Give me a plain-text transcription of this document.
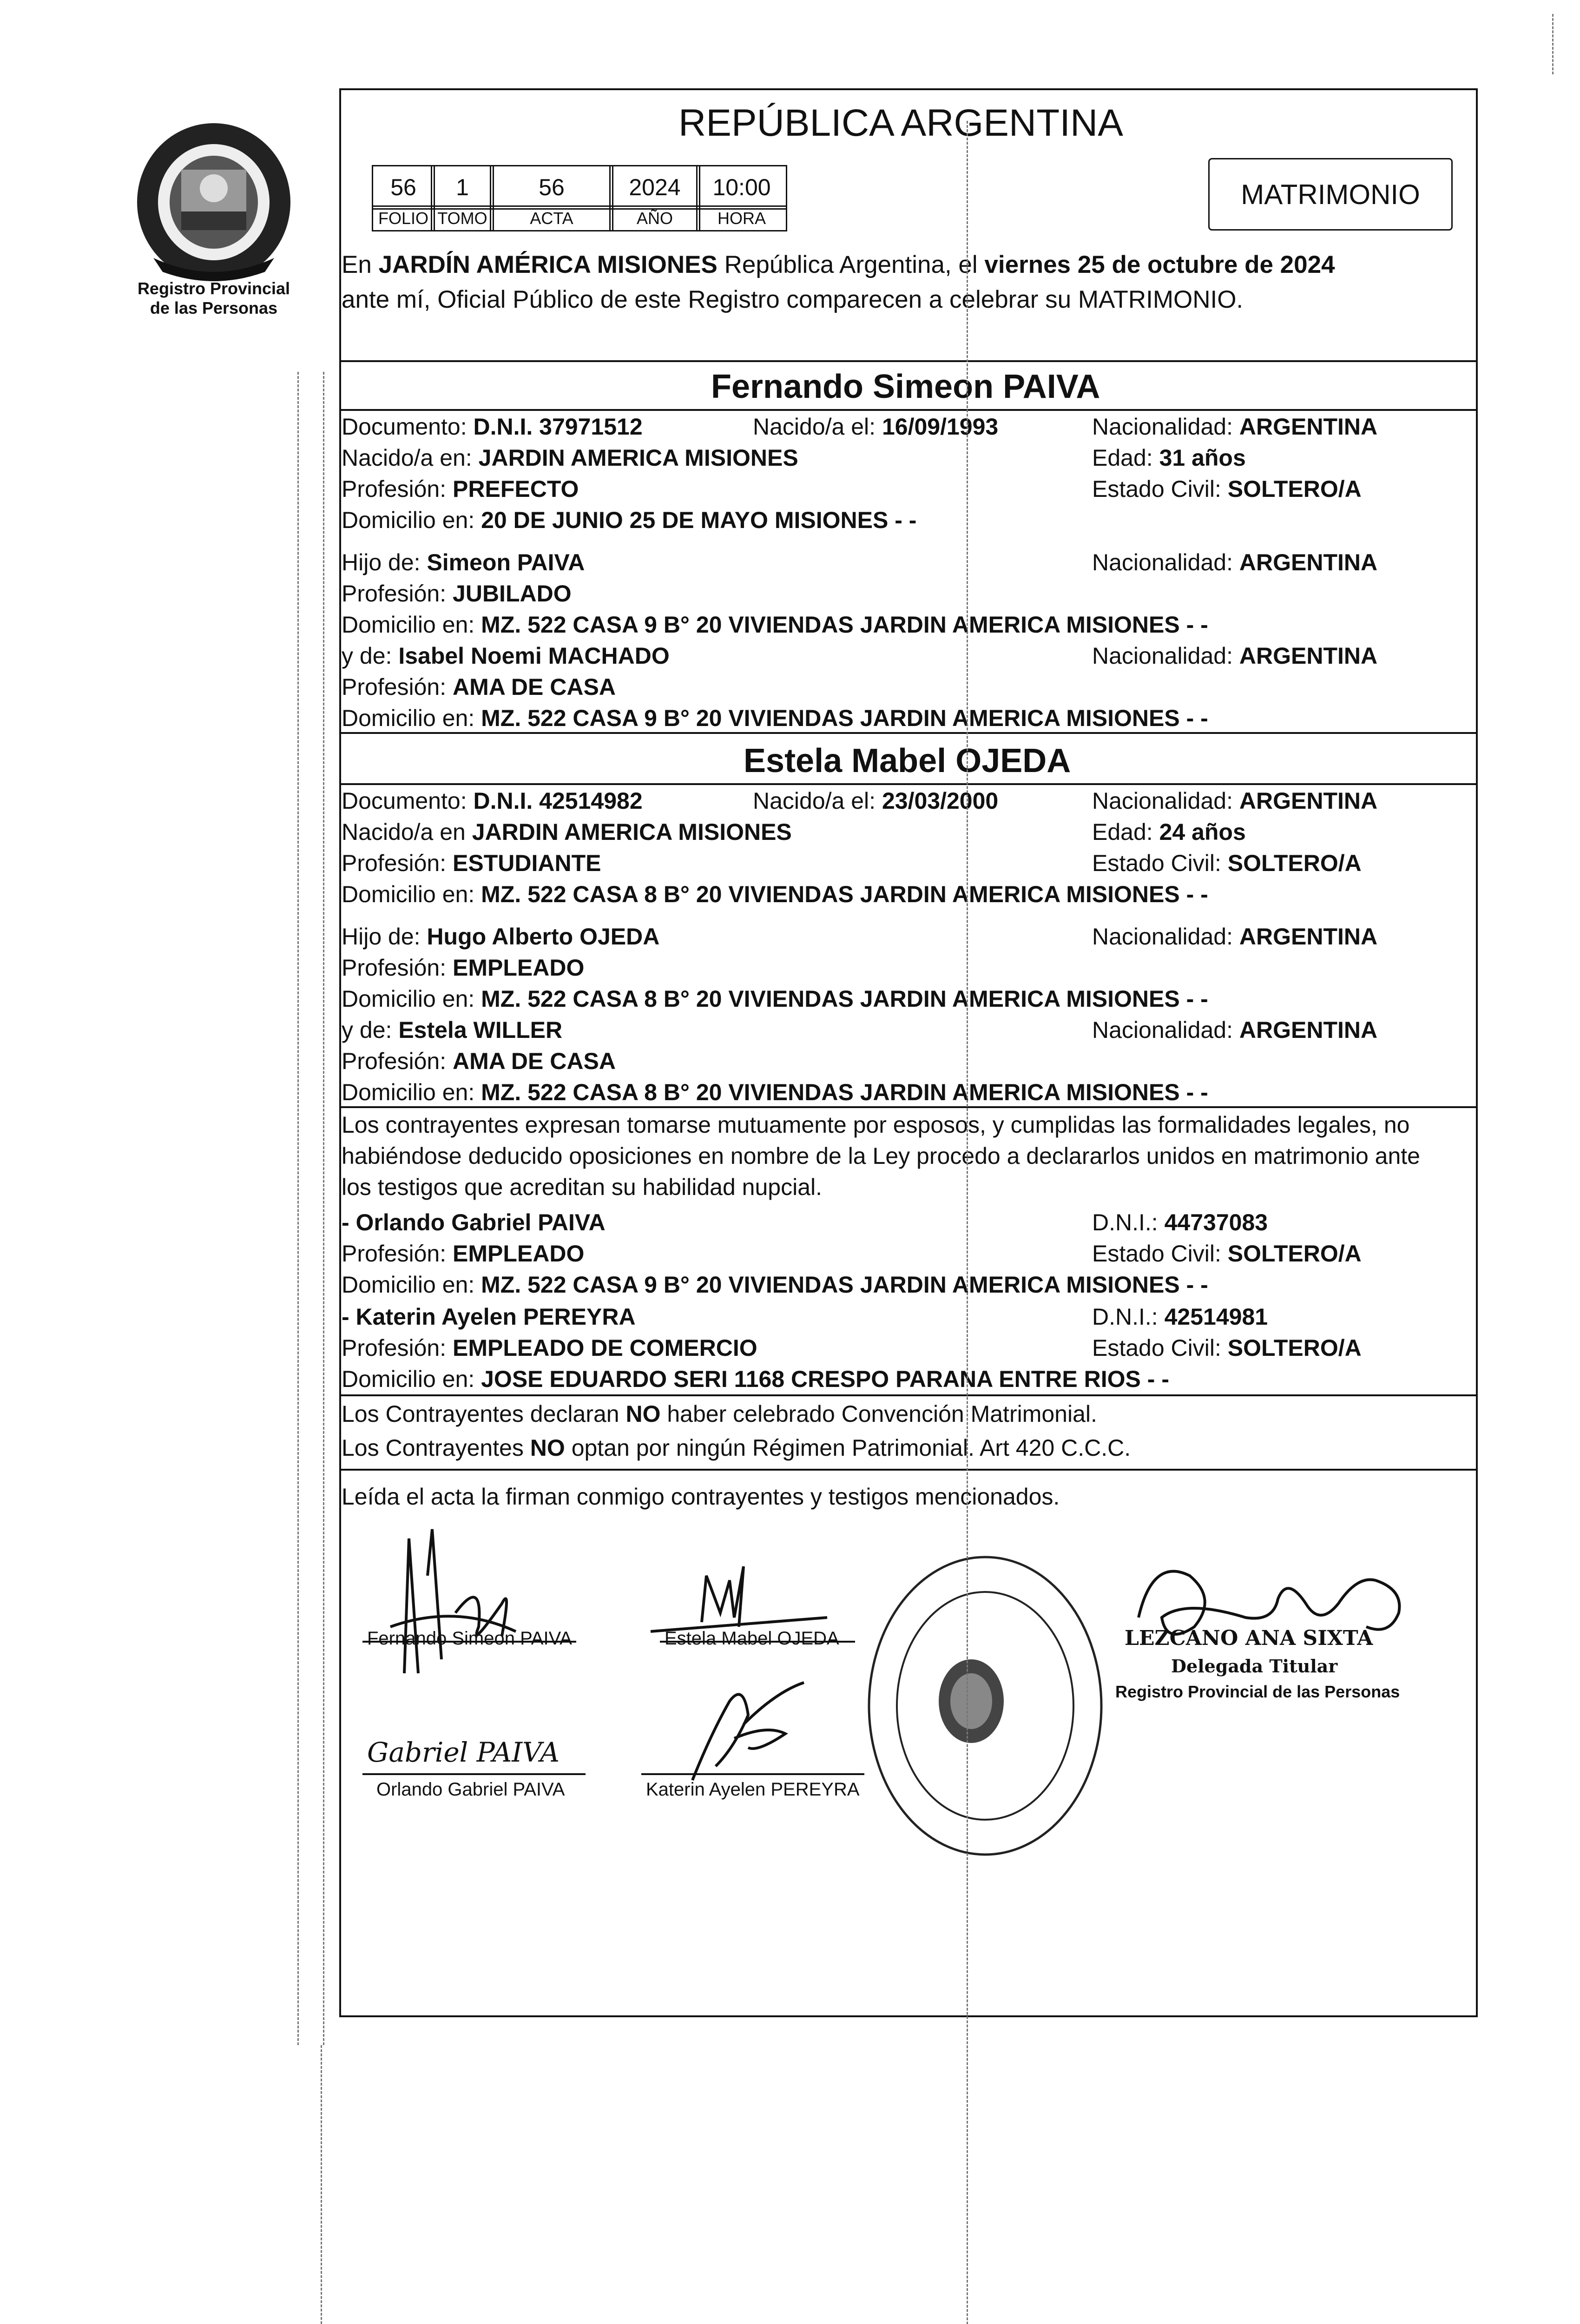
Registro Provincial
de las Personas
REPÚBLICA ARGENTINA
56	1	56	2024	10:00
FOLIO TOMO	ACTA	AÑO	HORA
MATRIMONIO
En JARDÍN AMÉRICA MISIONES República Argentina, el viernes 25 de octubre de 2024
ante mí, Oficial Público de este Registro comparecen a celebrar su MATRIMONIO.
Fernando Simeon PAIVA
Documento: D.N.I. 37971512	Nacido/a el: 16/09/1993	Nacionalidad: ARGENTINA
Nacido/a en: JARDIN AMERICA MISIONES	Edad: 31 años
Profesión: PREFECTO	Estado Civil: SOLTERO/A
Domicilio en: 20 DE JUNIO 25 DE MAYO MISIONES - -
Hijo de: Simeon PAIVA	Nacionalidad: ARGENTINA
Profesión: JUBILADO
Domicilio en: MZ. 522 CASA 9 B° 20 VIVIENDAS JARDIN AMERICA MISIONES - -
y de: Isabel Noemi MACHADO	Nacionalidad: ARGENTINA
Profesión: AMA DE CASA
Domicilio en: MZ. 522 CASA 9 B° 20 VIVIENDAS JARDIN AMERICA MISIONES - -
Estela Mabel OJEDA
Documento: D.N.I. 42514982	Nacido/a el: 23/03/2000	Nacionalidad: ARGENTINA
Nacido/a en JARDIN AMERICA MISIONES	Edad: 24 años
Profesión: ESTUDIANTE	Estado Civil: SOLTERO/A
Domicilio en: MZ. 522 CASA 8 B° 20 VIVIENDAS JARDIN AMERICA MISIONES - -
Hijo de: Hugo Alberto OJEDA	Nacionalidad: ARGENTINA
Profesión: EMPLEADO
Domicilio en: MZ. 522 CASA 8 B° 20 VIVIENDAS JARDIN AMERICA MISIONES - -
y de: Estela WILLER	Nacionalidad: ARGENTINA
Profesión: AMA DE CASA
Domicilio en: MZ. 522 CASA 8 B° 20 VIVIENDAS JARDIN AMERICA MISIONES - -
Los contrayentes expresan tomarse mutuamente por esposos, y cumplidas las formalidades legales, no
habiéndose deducido oposiciones en nombre de la Ley procedo a declararlos unidos en matrimonio ante
los testigos que acreditan su habilidad nupcial.
- Orlando Gabriel PAIVA	D.N.I.: 44737083
Profesión: EMPLEADO	Estado Civil: SOLTERO/A
Domicilio en: MZ. 522 CASA 9 B° 20 VIVIENDAS JARDIN AMERICA MISIONES - -
- Katerin Ayelen PEREYRA	D.N.I.: 42514981
Profesión: EMPLEADO DE COMERCIO	Estado Civil: SOLTERO/A
Domicilio en: JOSE EDUARDO SERI 1168 CRESPO PARANA ENTRE RIOS - -
Los Contrayentes declaran NO haber celebrado Convención Matrimonial.
Los Contrayentes NO optan por ningún Régimen Patrimonial. Art 420 C.C.C.
Leída el acta la firman conmigo contrayentes y testigos mencionados.
Fernando Simeon PAIVA	Estela Mabel OJEDA
Gabriel PAIVA
Orlando Gabriel PAIVA	Katerin Ayelen PEREYRA
LEZCANO ANA SIXTA
Delegada Titular
Registro Provincial de las Personas
